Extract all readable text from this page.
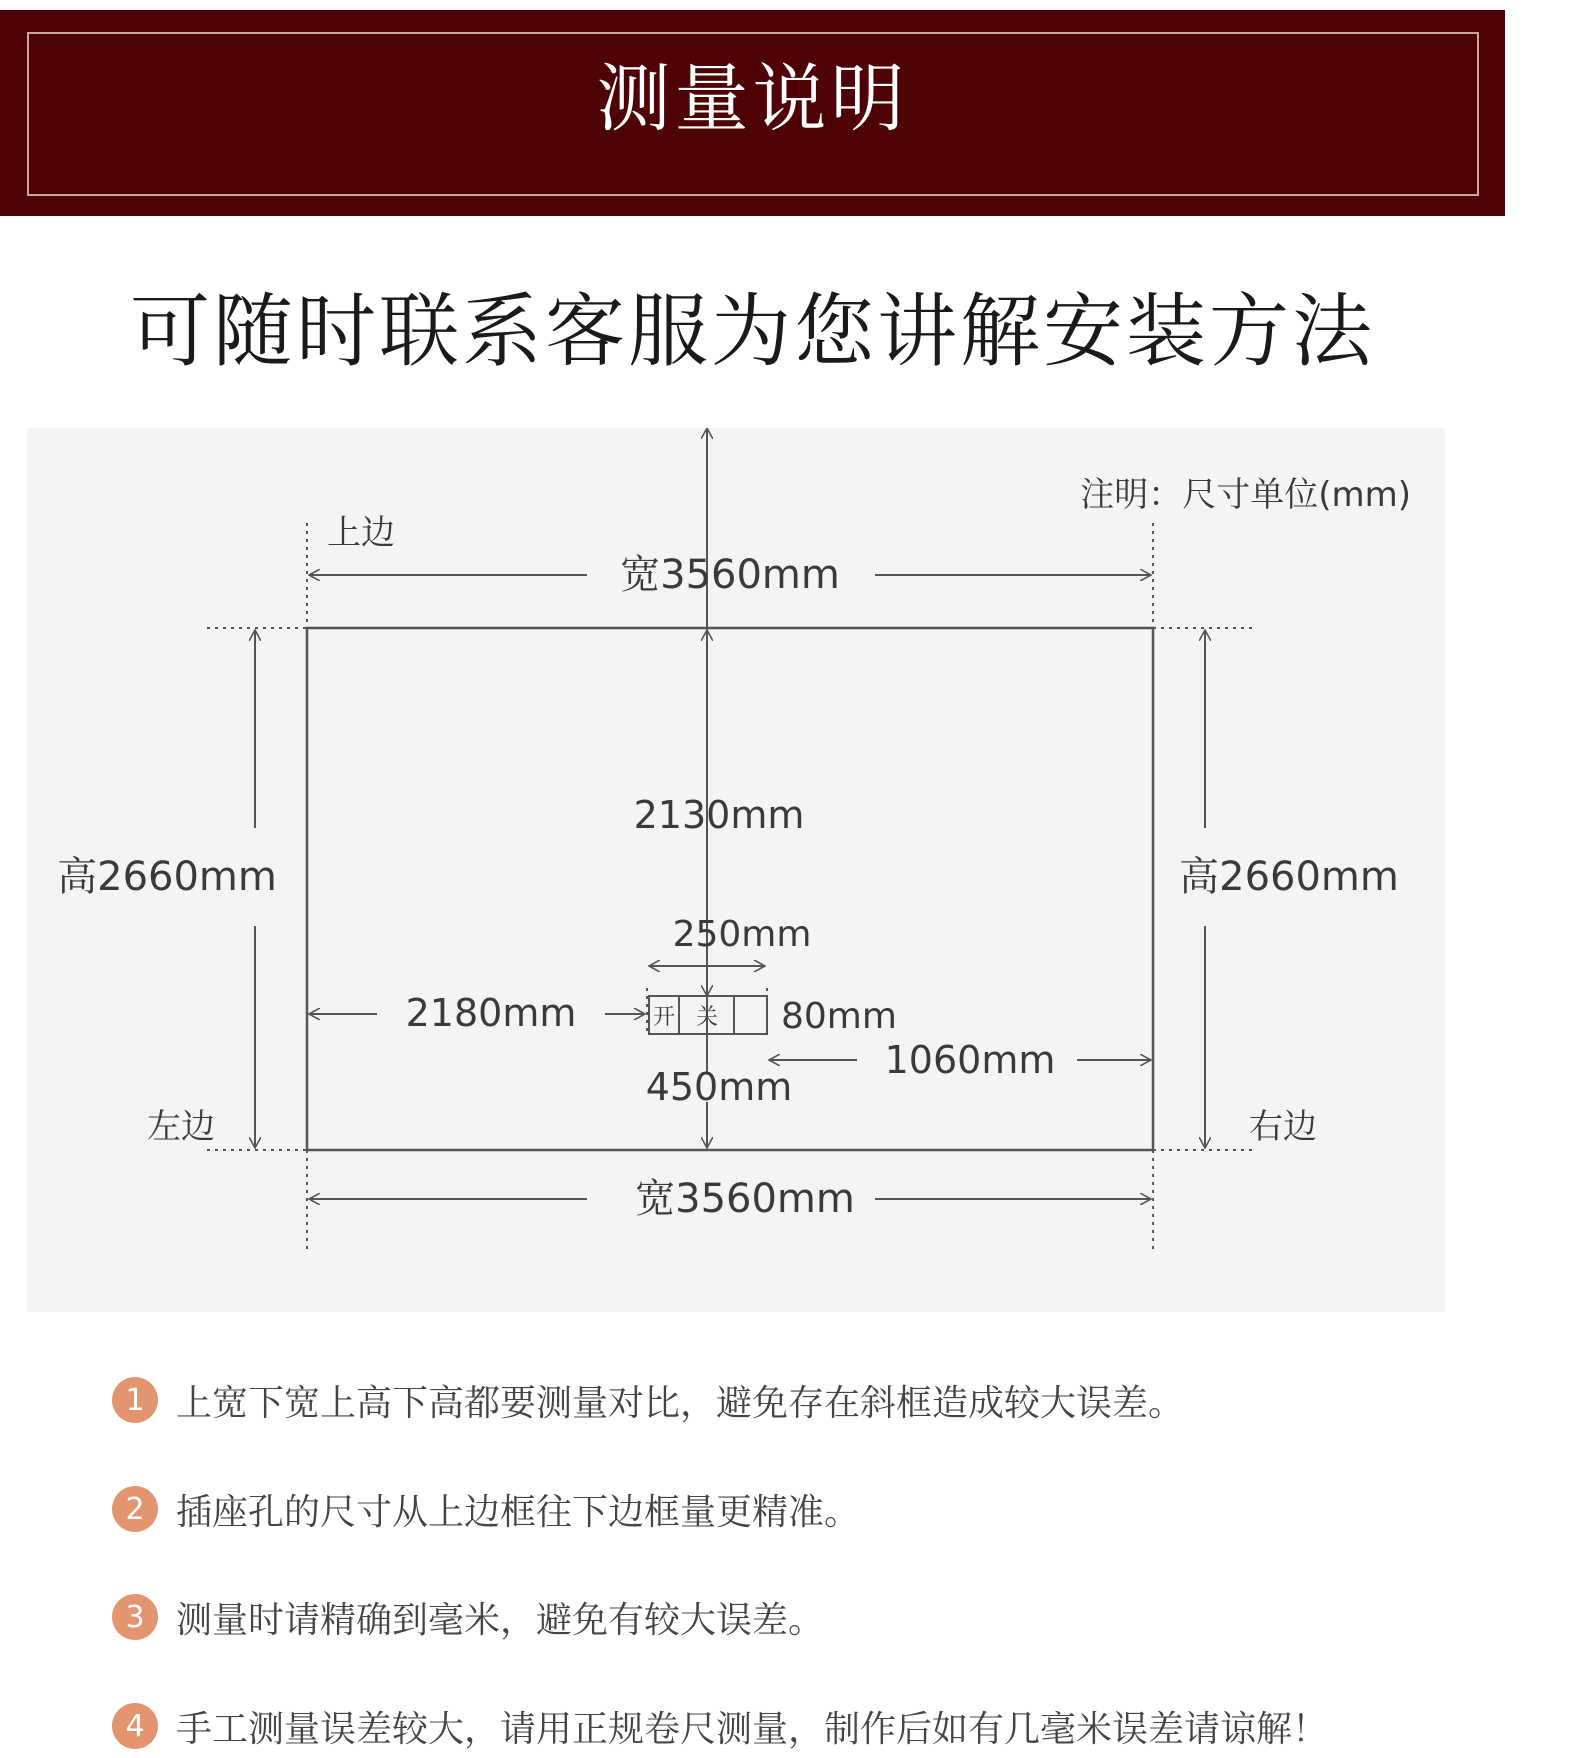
测量说明
可随时联系客服为您讲解安装方法
开 关
注明：尺寸单位(mm)
上边
宽3560mm
宽3560mm
高2660mm	高2660mm
2130mm
250mm
2180mm	80mm
1060mm
450mm
左边	右边
1 上宽下宽上高下高都要测量对比，避免存在斜框造成较大误差。
2 插座孔的尺寸从上边框往下边框量更精准。
3 测量时请精确到毫米，避免有较大误差。
4 手工测量误差较大，请用正规卷尺测量，制作后如有几毫米误差请谅解！
